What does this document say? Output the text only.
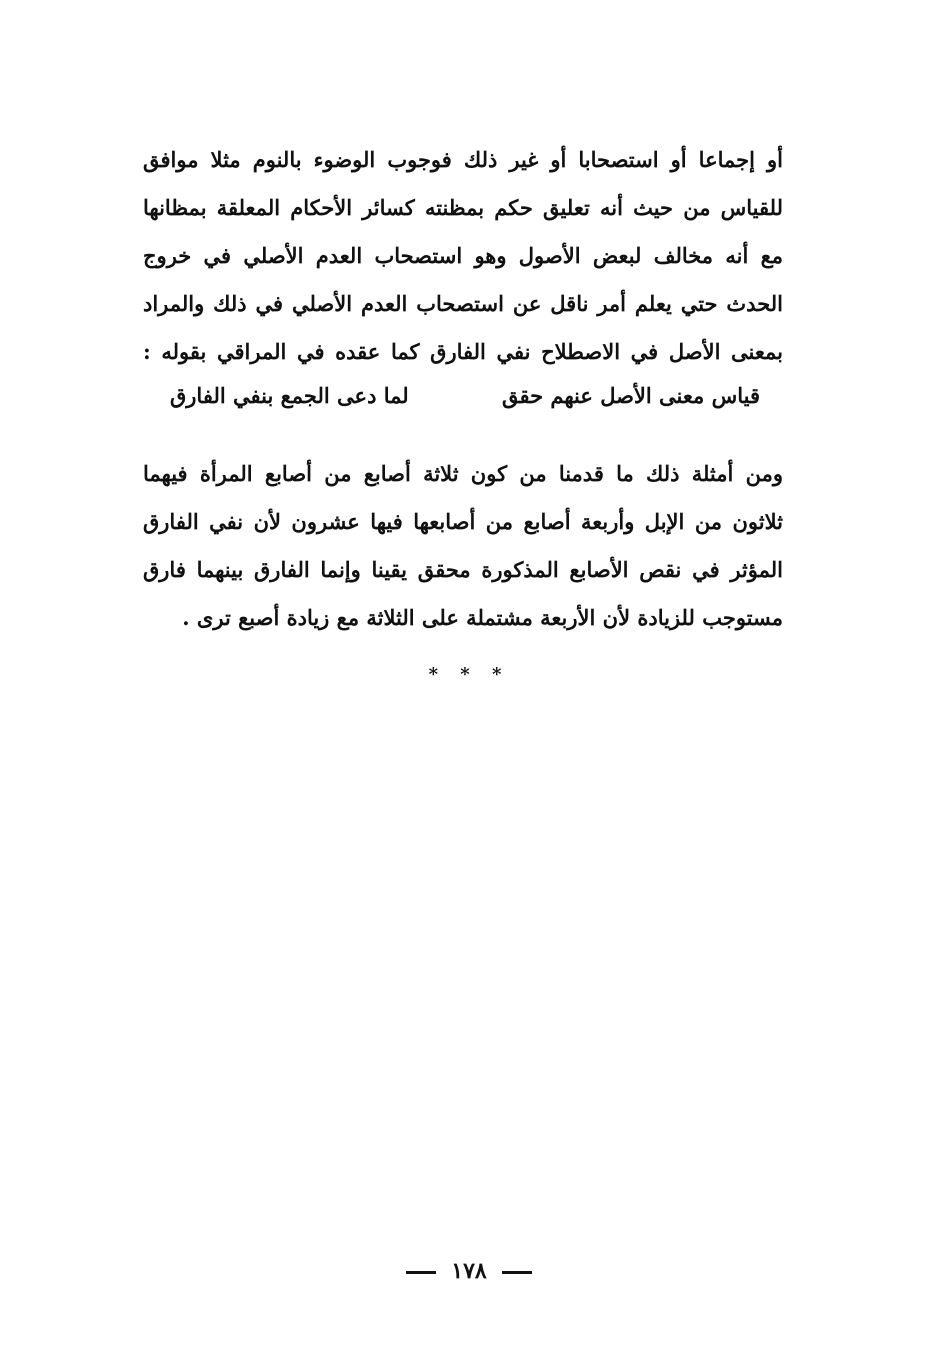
أو إجماعا أو استصحابا أو غير ذلك فوجوب الوضوء بالنوم مثلا موافق
للقياس من حيث أنه تعليق حكم بمظنته كسائر الأحكام المعلقة بمظانها
مع أنه مخالف لبعض الأصول وهو استصحاب العدم الأصلي في خروج
الحدث حتي يعلم أمر ناقل عن استصحاب العدم الأصلي في ذلك والمراد
بمعنى الأصل في الاصطلاح نفي الفارق كما عقده في المراقي بقوله :
قياس معنى الأصل عنهم حقق
لما دعى الجمع بنفي الفارق
ومن أمثلة ذلك ما قدمنا من كون ثلاثة أصابع من أصابع المرأة فيهما
ثلاثون من الإبل وأربعة أصابع من أصابعها فيها عشرون لأن نفي الفارق
المؤثر في نقص الأصابع المذكورة محقق يقينا وإنما الفارق بينهما فارق
مستوجب للزيادة لأن الأربعة مشتملة على الثلاثة مع زيادة أصبع ترى .
* * *
١٧٨
